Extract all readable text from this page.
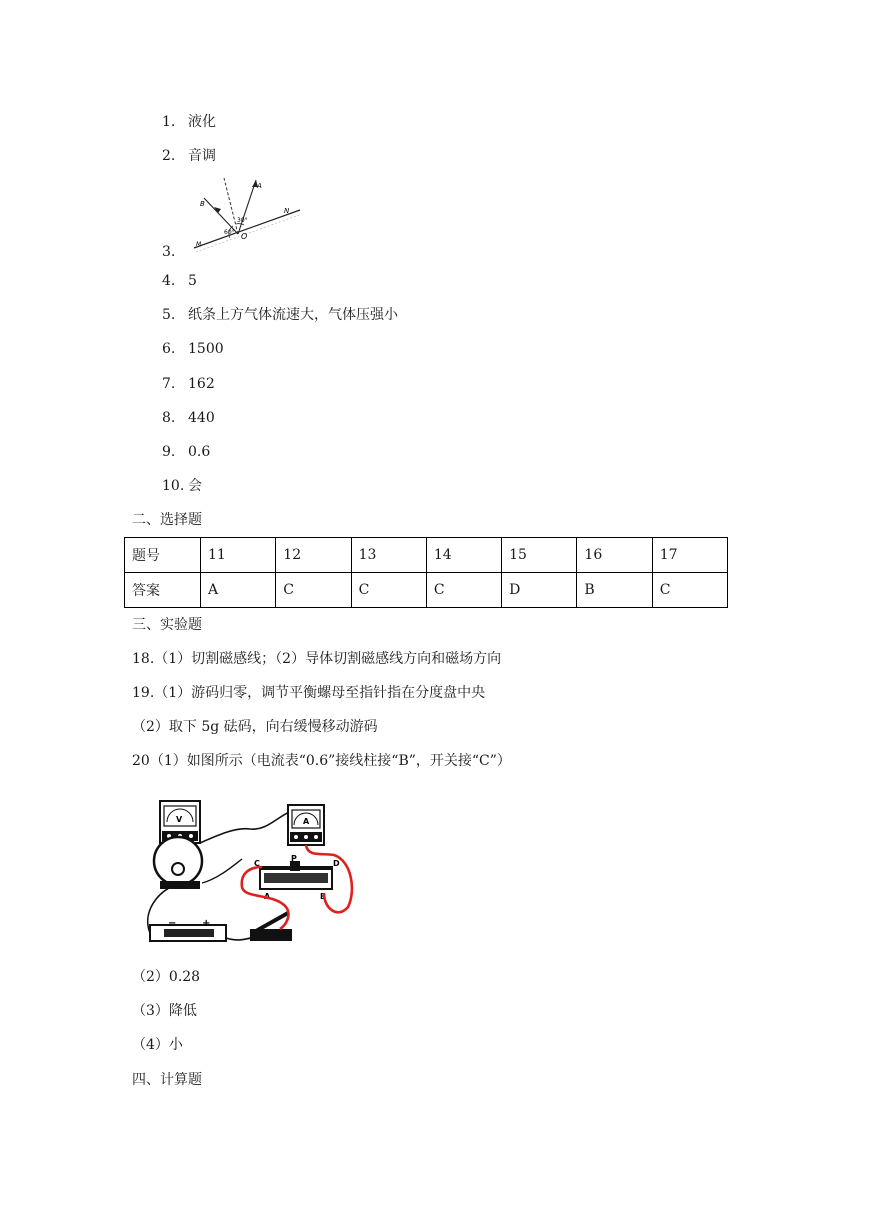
1. 液化
2. 音调
B
A
N
M
O
60°
30°
3.
4. 5
5. 纸条上方气体流速大，气体压强小
6. 1500
7. 162
8. 440
9. 0.6
10. 会
二、选择题
题号	11	12	13	14	15	16	17
答案	A	C	C	C	D	B	C
三、实验题
18.（1）切割磁感线；（2）导体切割磁感线方向和磁场方向
19.（1）游码归零，调节平衡螺母至指针指在分度盘中央
（2）取下 5g 砝码，向右缓慢移动游码
20（1）如图所示（电流表“0.6”接线柱接“B”，开关接“C”）
V	A
P
C	D
A	B
−	+
（2）0.28
（3）降低
（4）小
四、计算题
